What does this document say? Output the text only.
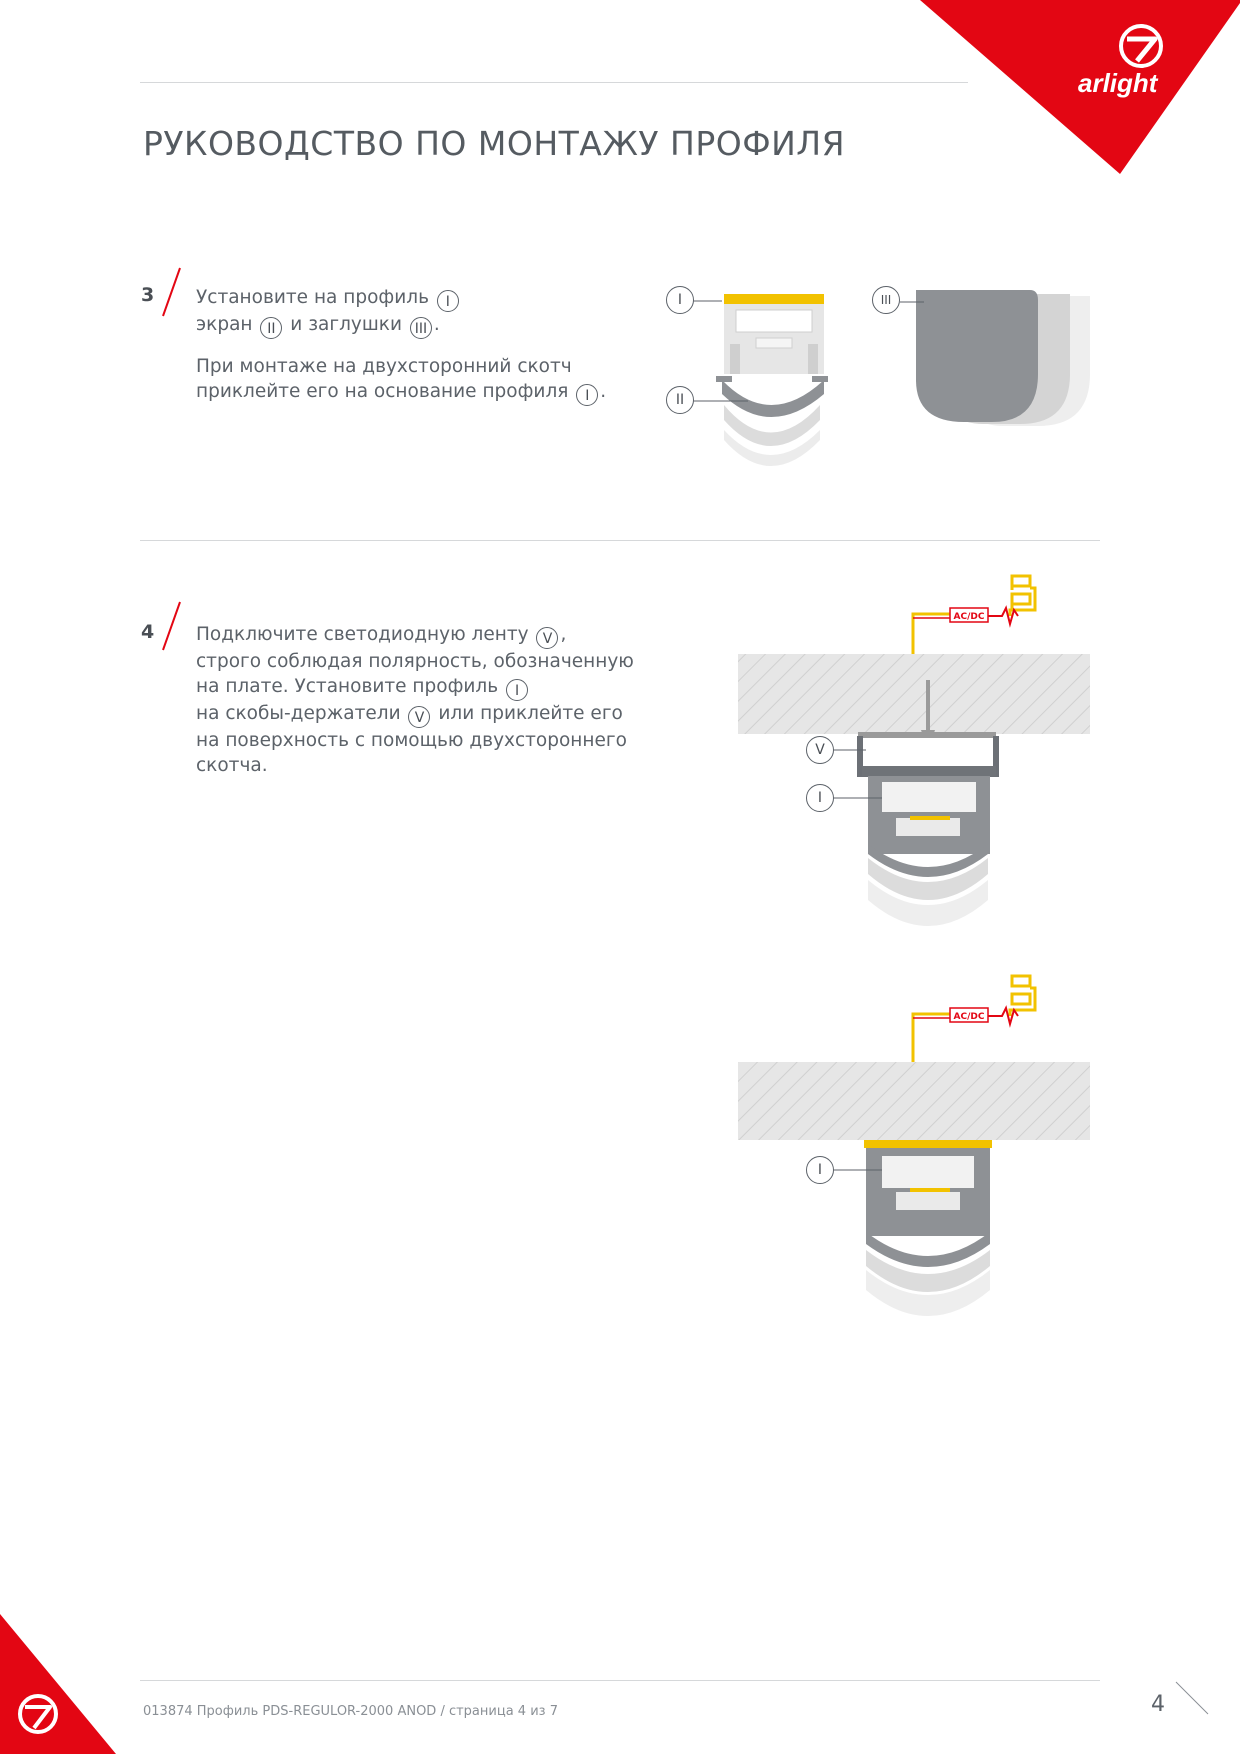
arlight
РУКОВОДСТВО ПО МОНТАЖУ ПРОФИЛЯ
3 Установите на профиль I
экран II и заглушки III .
При монтаже на двухсторонний скотч
приклейте его на основание профиля I .
I
II
III
4 Подключите светодиодную ленту V ,
строго соблюдая полярность, обозначенную
на плате. Установите профиль I
на скобы-держатели V или приклейте его
на поверхность с помощью двухстороннего
скотча.
AC/DC
V
I
AC/DC
I
013874 Профиль PDS-REGULOR-2000 ANOD / страница 4 из 7	4
